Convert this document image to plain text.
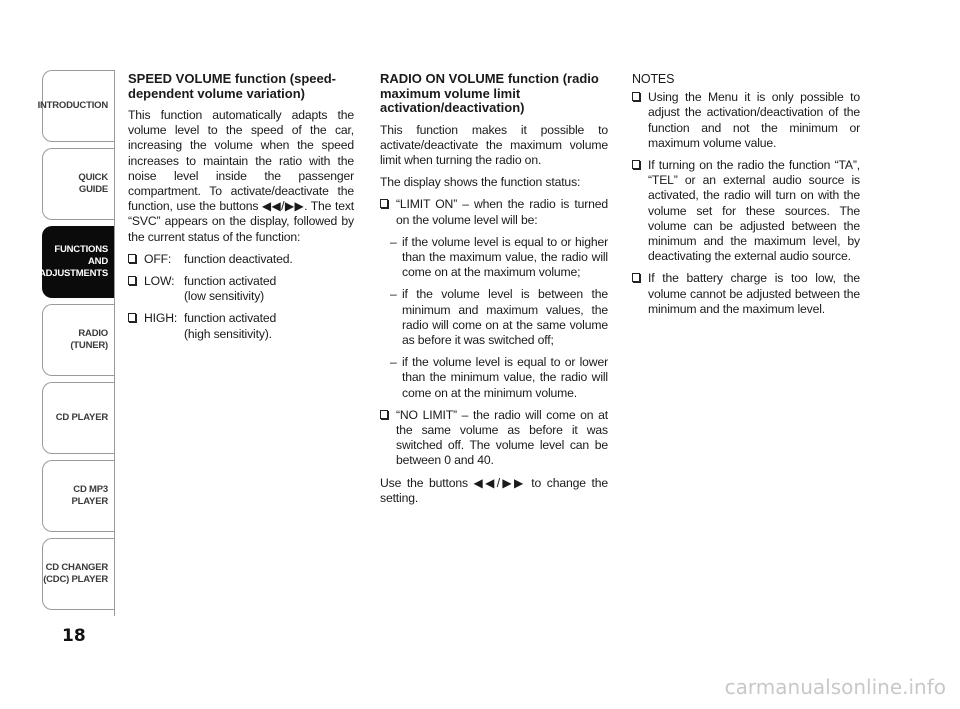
INTRODUCTION
QUICK
GUIDE
FUNCTIONS
AND
ADJUSTMENTS
RADIO
(TUNER)
CD PLAYER
CD MP3
PLAYER
CD CHANGER
(CDC) PLAYER
18
SPEED VOLUME function (speed-dependent volume variation)

This function automatically adapts the volume level to the speed of the car, increasing the volume when the speed increases to maintain the ratio with the noise level inside the passenger compartment. To activate/deactivate the function, use the buttons ◀◀/▶▶. The text “SVC” appears on the display, followed by the current status of the function:

OFF: function deactivated.
LOW: function activated
(low sensitivity)
HIGH: function activated
(high sensitivity).
RADIO ON VOLUME function (radio maximum volume limit activation/deactivation)

This function makes it possible to activate/deactivate the maximum volume limit when turning the radio on.

The display shows the function status:

“LIMIT ON” – when the radio is turned on the volume level will be:
– if the volume level is equal to or higher than the maximum value, the radio will come on at the maximum volume;
– if the volume level is between the minimum and maximum values, the radio will come on at the same volume as before it was switched off;
– if the volume level is equal to or lower than the minimum value, the radio will come on at the minimum volume.
“NO LIMIT” – the radio will come on at the same volume as before it was switched off. The volume level can be between 0 and 40.

Use the buttons ◀◀/▶▶ to change the setting.

NOTES
Using the Menu it is only possible to adjust the activation/deactivation of the function and not the minimum or maximum volume value.
If turning on the radio the function “TA”, “TEL” or an external audio source is activated, the radio will turn on with the volume set for these sources. The volume can be adjusted between the minimum and the maximum level, by deactivating the external audio source.
If the battery charge is too low, the volume cannot be adjusted between the minimum and the maximum level.
carmanualsonline.info
